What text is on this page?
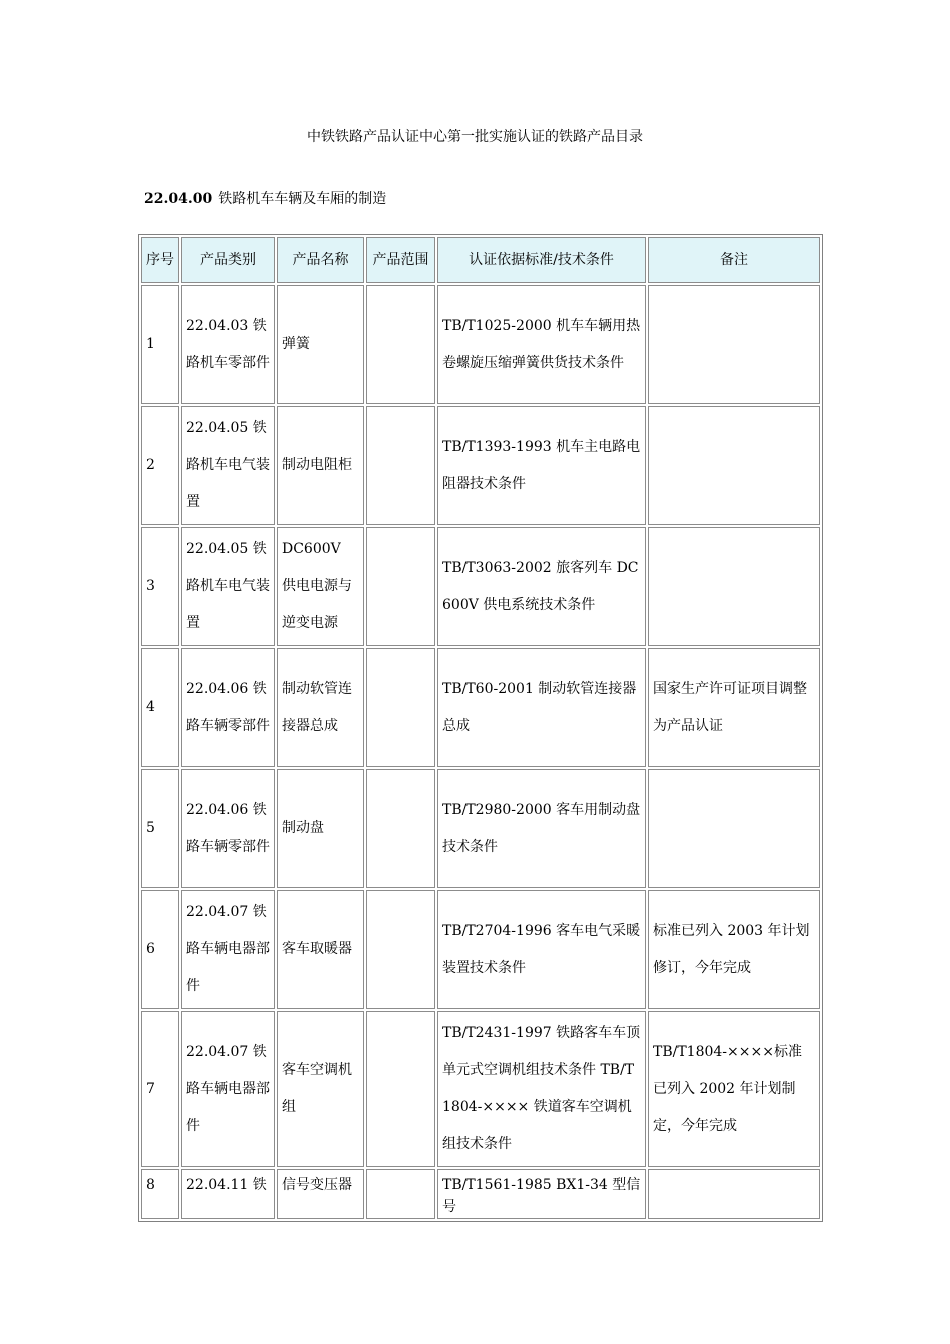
中铁铁路产品认证中心第一批实施认证的铁路产品目录
22.04.00 铁路机车车辆及车厢的制造
序号	产品类别	产品名称	产品范围	认证依据标准/技术条件	备注
1	22.04.03 铁路机车零部件	弹簧		TB/T1025-2000 机车车辆用热卷螺旋压缩弹簧供货技术条件	
2	22.04.05 铁路机车电气装置	制动电阻柜		TB/T1393-1993 机车主电路电阻器技术条件	
3	22.04.05 铁路机车电气装置	DC600V 供电电源与逆变电源		TB/T3063-2002 旅客列车 DC600V 供电系统技术条件	
4	22.04.06 铁路车辆零部件	制动软管连接器总成		TB/T60-2001 制动软管连接器总成	国家生产许可证项目调整为产品认证
5	22.04.06 铁路车辆零部件	制动盘		TB/T2980-2000 客车用制动盘技术条件	
6	22.04.07 铁路车辆电器部件	客车取暖器		TB/T2704-1996 客车电气采暖装置技术条件	标准已列入 2003 年计划修订，今年完成
7	22.04.07 铁路车辆电器部件	客车空调机组		TB/T2431-1997 铁路客车车顶单元式空调机组技术条件 TB/T1804-×××× 铁道客车空调机组技术条件	TB/T1804-××××标准已列入 2002 年计划制定，今年完成
8	22.04.11 铁	信号变压器		TB/T1561-1985 BX1-34 型信号	
